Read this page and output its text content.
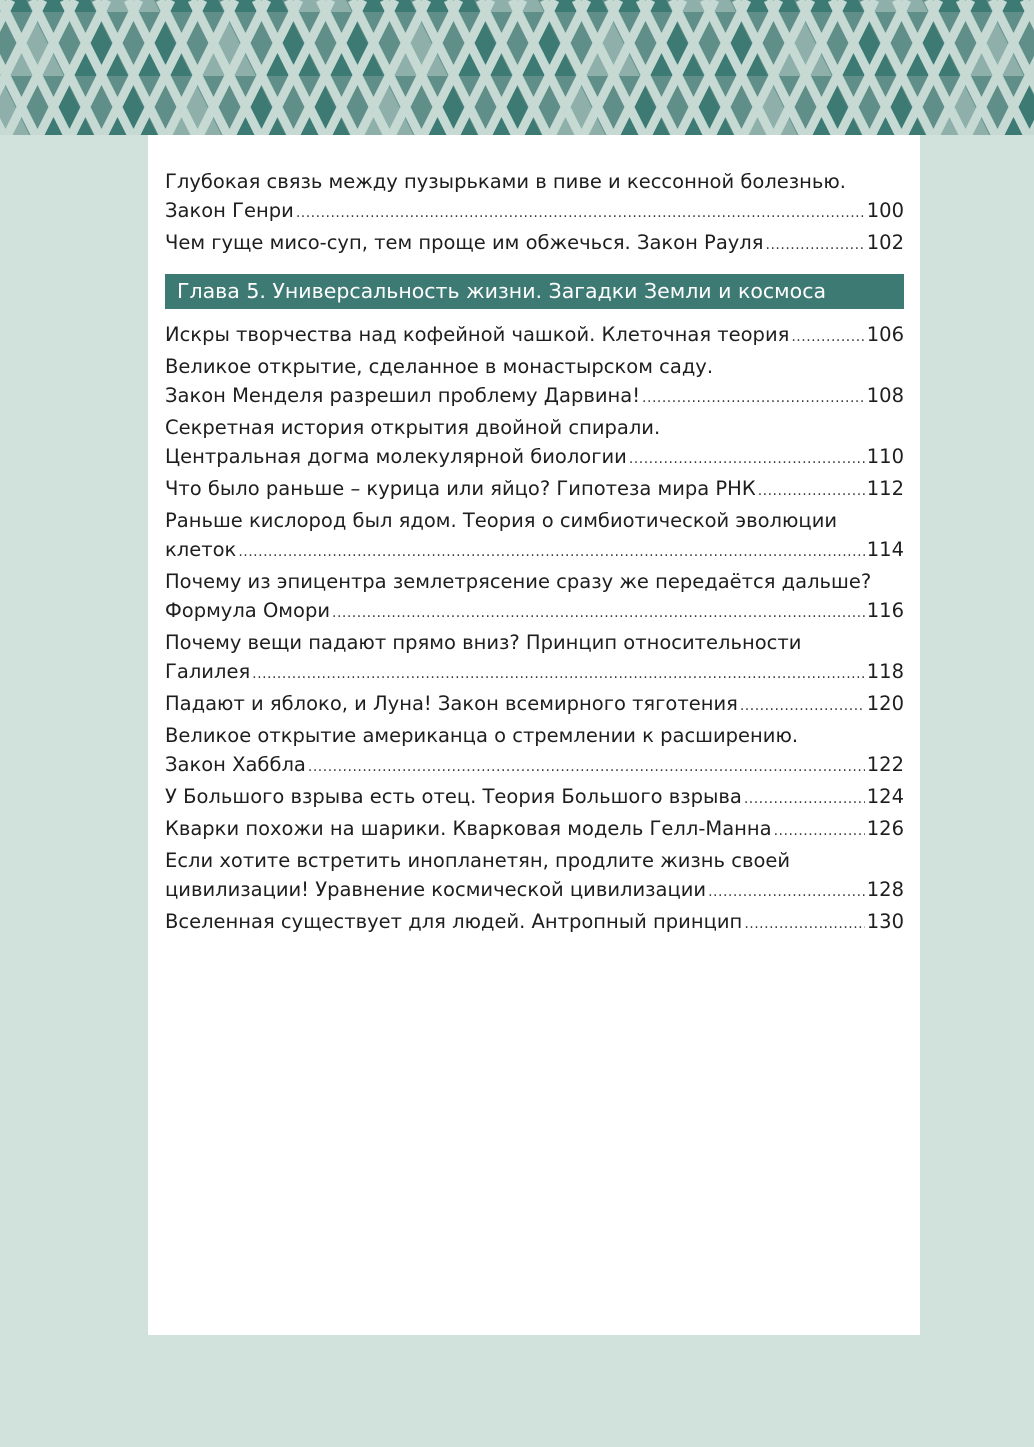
Глубокая связь между пузырьками в пиве и кессонной болезнью.
Закон Генри .....	100
Чем гуще мисо-суп, тем проще им обжечься. Закон Рауля .....	102
Глава 5. Универсальность жизни. Загадки Земли и космоса
Искры творчества над кофейной чашкой. Клеточная теория .....	106
Великое открытие, сделанное в монастырском саду.
Закон Менделя разрешил проблему Дарвина! .....	108
Секретная история открытия двойной спирали.
Центральная догма молекулярной биологии .....	110
Что было раньше – курица или яйцо? Гипотеза мира РНК .....	112
Раньше кислород был ядом. Теория о симбиотической эволюции
клеток .....	114
Почему из эпицентра землетрясение сразу же передаётся дальше?
Формула Омори .....	116
Почему вещи падают прямо вниз? Принцип относительности
Галилея .....	118
Падают и яблоко, и Луна! Закон всемирного тяготения .....	120
Великое открытие американца о стремлении к расширению.
Закон Хаббла .....	122
У Большого взрыва есть отец. Теория Большого взрыва .....	124
Кварки похожи на шарики. Кварковая модель Гелл-Манна .....	126
Если хотите встретить инопланетян, продлите жизнь своей
цивилизации! Уравнение космической цивилизации .....	128
Вселенная существует для людей. Антропный принцип .....	130
